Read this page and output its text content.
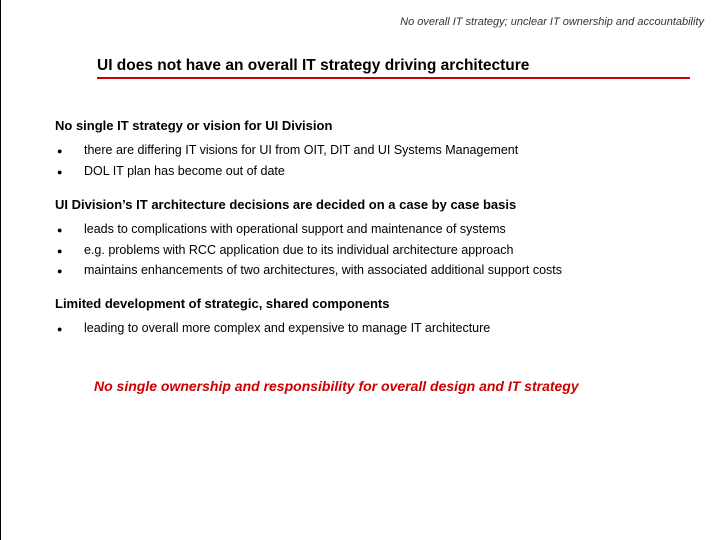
No overall IT strategy; unclear IT ownership and accountability
UI does not have an overall IT strategy driving architecture

No single IT strategy or vision for UI Division

● there are differing IT visions for UI from OIT, DIT and UI Systems Management
● DOL IT plan has become out of date

UI Division’s IT architecture decisions are decided on a case by case basis

● leads to complications with operational support and maintenance of systems
● e.g. problems with RCC application due to its individual architecture approach
● maintains enhancements of two architectures, with associated additional support costs

Limited development of strategic, shared components

● leading to overall more complex and expensive to manage IT architecture
No single ownership and responsibility for overall design and IT strategy
